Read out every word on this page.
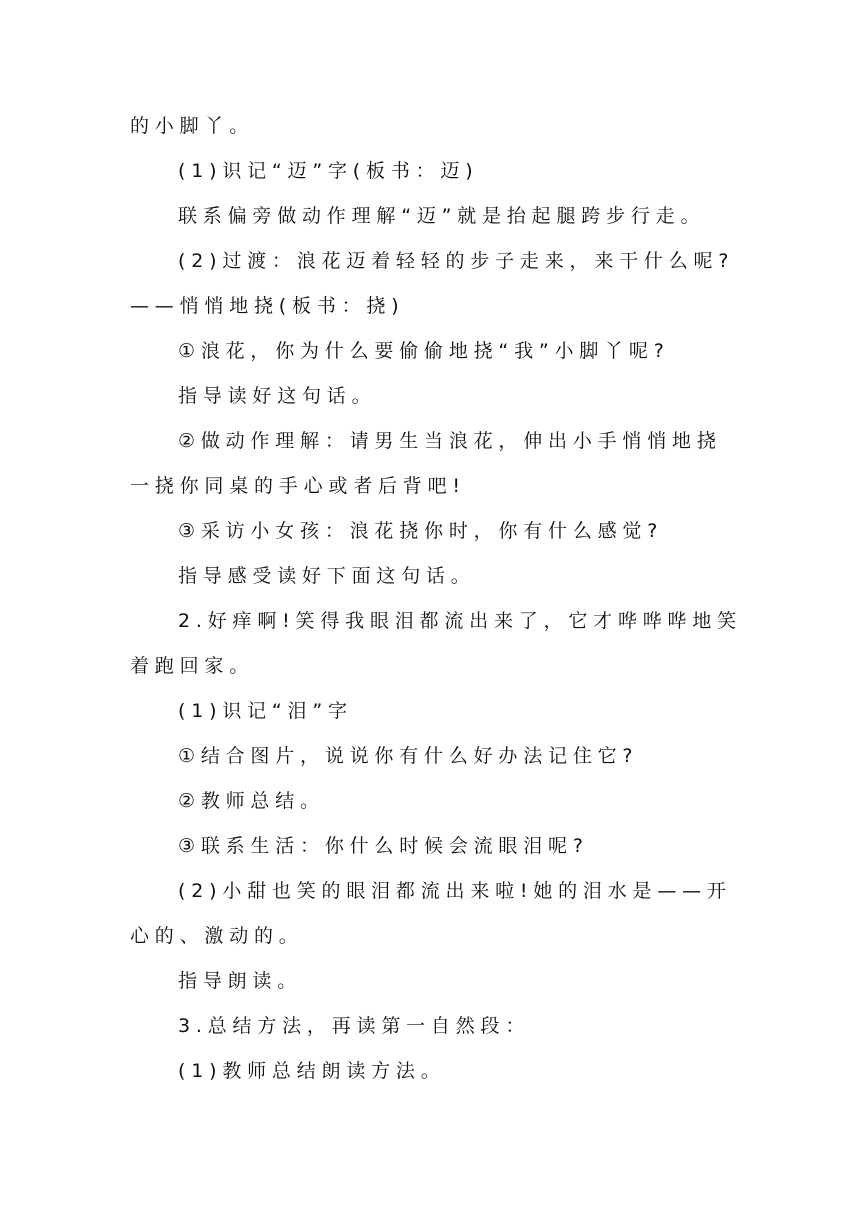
的小脚丫。
(1)识记“迈”字(板书：迈)
联系偏旁做动作理解“迈”就是抬起腿跨步行走。
(2)过渡：浪花迈着轻轻的步子走来，来干什么呢?
——悄悄地挠(板书：挠)
①浪花，你为什么要偷偷地挠“我”小脚丫呢?
指导读好这句话。
②做动作理解：请男生当浪花，伸出小手悄悄地挠
一挠你同桌的手心或者后背吧!
③采访小女孩：浪花挠你时，你有什么感觉?
指导感受读好下面这句话。
2.好痒啊!笑得我眼泪都流出来了，它才哗哗哗地笑
着跑回家。
(1)识记“泪”字
①结合图片，说说你有什么好办法记住它?
②教师总结。
③联系生活：你什么时候会流眼泪呢?
(2)小甜也笑的眼泪都流出来啦!她的泪水是——开
心的、激动的。
指导朗读。
3.总结方法，再读第一自然段：
(1)教师总结朗读方法。
